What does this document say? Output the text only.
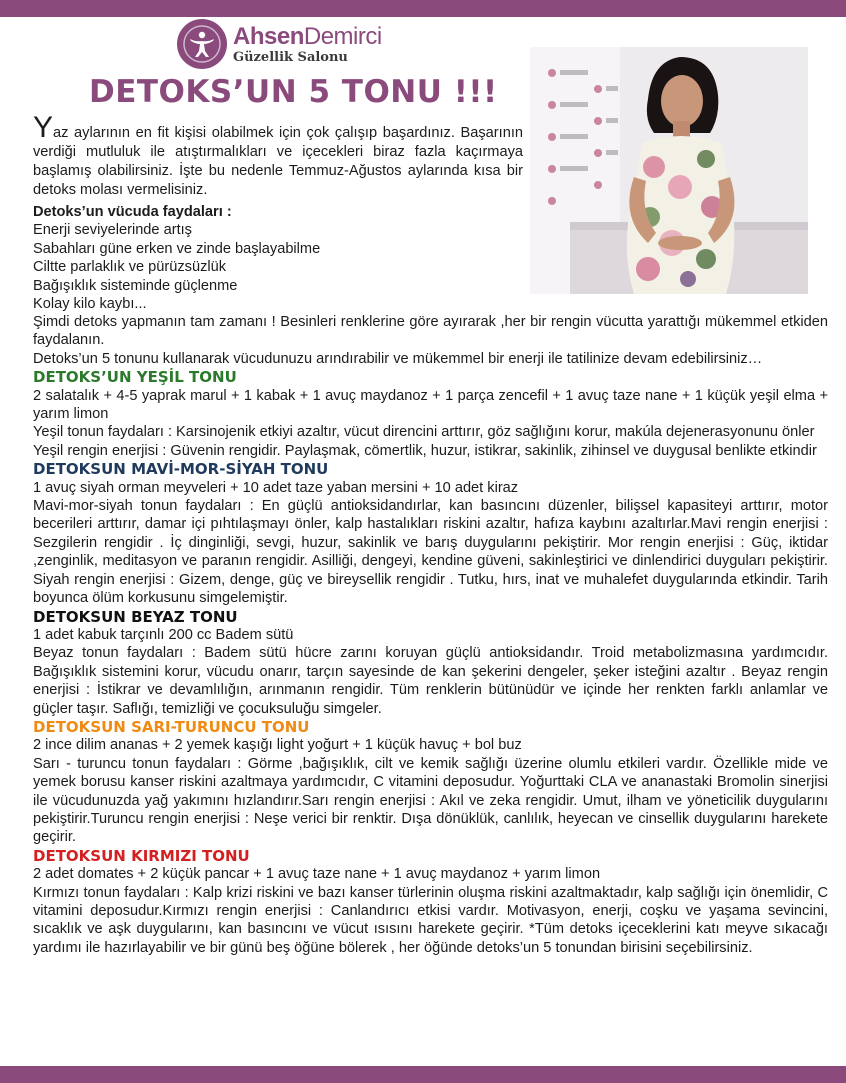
AhsenDemirci
Güzellik Salonu
DETOKS’UN 5 TONU !!!
Yaz aylarının en fit kişisi olabilmek için çok çalışıp başardınız. Başarının verdiği mutluluk ile atıştırmalıkları ve içecekleri biraz fazla kaçırmaya başlamış olabilirsiniz. İşte bu nedenle Temmuz-Ağustos aylarında kısa bir detoks molası vermelisiniz.
Detoks’un vücuda faydaları :
Enerji seviyelerinde artış
Sabahları güne erken ve zinde başlayabilme
Ciltte parlaklık ve pürüzsüzlük
Bağışıklık sisteminde güçlenme
Kolay kilo kaybı...

Şimdi detoks yapmanın tam zamanı ! Besinleri renklerine göre ayırarak ,her bir rengin vücutta yarattığı mükemmel etkiden faydalanın.

Detoks’un 5 tonunu kullanarak vücudunuzu arındırabilir ve mükemmel bir enerji ile tatilinize devam edebilirsiniz…

DETOKS’UN YEŞİL TONU

2 salatalık + 4-5 yaprak marul + 1 kabak + 1 avuç maydanoz + 1 parça zencefil + 1 avuç taze nane + 1 küçük yeşil elma + yarım limon

Yeşil tonun faydaları : Karsinojenik etkiyi azaltır, vücut direncini arttırır, göz sağlığını korur, makúla dejenerasyonunu önler

Yeşil rengin enerjisi : Güvenin rengidir. Paylaşmak, cömertlik, huzur, istikrar, sakinlik, zihinsel ve duygusal benlikte etkindir

DETOKSUN MAVİ-MOR-SİYAH TONU

1 avuç siyah orman meyveleri + 10 adet taze yaban mersini + 10 adet kiraz

Mavi-mor-siyah tonun faydaları : En güçlü antioksidandırlar, kan basıncını düzenler, bilişsel kapasiteyi arttırır, motor becerileri arttırır, damar içi pıhtılaşmayı önler, kalp hastalıkları riskini azaltır, hafıza kaybını azaltırlar.Mavi rengin enerjisi : Sezgilerin rengidir . İç dinginliği, sevgi, huzur, sakinlik ve barış duygularını pekiştirir. Mor rengin enerjisi : Güç, iktidar ,zenginlik, meditasyon ve paranın rengidir. Asilliği, dengeyi, kendine güveni, sakinleştirici ve dinlendirici duyguları pekiştirir. Siyah rengin enerjisi : Gizem, denge, güç ve bireysellik rengidir . Tutku, hırs, inat ve muhalefet duygularında etkindir. Tarih boyunca ölüm korkusunu simgelemiştir.

DETOKSUN BEYAZ TONU

1 adet kabuk tarçınlı 200 cc Badem sütü

Beyaz tonun faydaları : Badem sütü hücre zarını koruyan güçlü antioksidandır. Troid metabolizmasına yardımcıdır. Bağışıklık sistemini korur, vücudu onarır, tarçın sayesinde de kan şekerini dengeler, şeker isteğini azaltır . Beyaz rengin enerjisi : İstikrar ve devamlılığın, arınmanın rengidir. Tüm renklerin bütünüdür ve içinde her renkten farklı anlamlar ve güçler taşır. Saflığı, temizliği ve çocuksuluğu simgeler.

DETOKSUN SARI-TURUNCU TONU

2 ince dilim ananas + 2 yemek kaşığı light yoğurt + 1 küçük havuç + bol buz

Sarı - turuncu tonun faydaları : Görme ,bağışıklık, cilt ve kemik sağlığı üzerine olumlu etkileri vardır. Özellikle mide ve yemek borusu kanser riskini azaltmaya yardımcıdır, C vitamini deposudur. Yoğurttaki CLA ve ananastaki Bromolin sinerjisi ile vücudunuzda yağ yakımını hızlandırır.Sarı rengin enerjisi : Akıl ve zeka rengidir. Umut, ilham ve yöneticilik duygularını pekiştirir.Turuncu rengin enerjisi : Neşe verici bir renktir. Dışa dönüklük, canlılık, heyecan ve cinsellik duygularını harekete geçirir.

DETOKSUN KIRMIZI TONU

2 adet domates + 2 küçük pancar + 1 avuç taze nane + 1 avuç maydanoz + yarım limon

Kırmızı tonun faydaları : Kalp krizi riskini ve bazı kanser türlerinin oluşma riskini azaltmaktadır, kalp sağlığı için önemlidir, C vitamini deposudur.Kırmızı rengin enerjisi : Canlandırıcı etkisi vardır. Motivasyon, enerji, coşku ve yaşama sevincini, sıcaklık ve aşk duygularını, kan basıncını ve vücut ısısını harekete geçirir. *Tüm detoks içeceklerini katı meyve sıkacağı yardımı ile hazırlayabilir ve bir günü beş öğüne bölerek , her öğünde detoks’un 5 tonundan birisini seçebilirsiniz.
